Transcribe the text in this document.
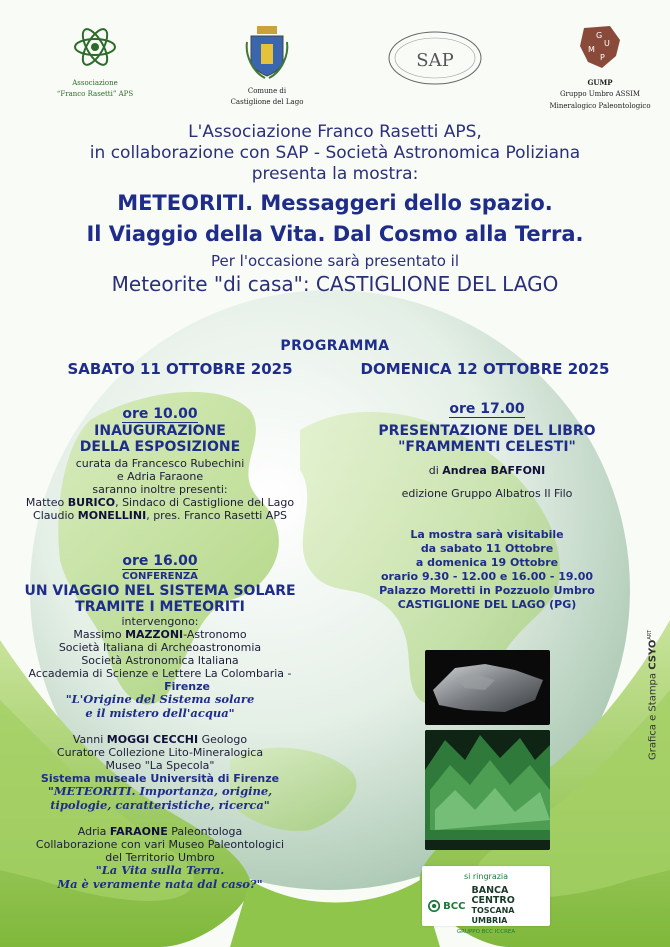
Associazione
“Franco Rasetti” APS	Comune di
Castiglione del Lago
SAP
G
U
M
P
GUMP
Gruppo Umbro ASSIM
Mineralogico Paleontologico
L'Associazione Franco Rasetti APS,
in collaborazione con SAP - Società Astronomica Poliziana
presenta la mostra:
METEORITI. Messaggeri dello spazio.
Il Viaggio della Vita. Dal Cosmo alla Terra.
Per l'occasione sarà presentato il
Meteorite "di casa": CASTIGLIONE DEL LAGO
PROGRAMMA
SABATO 11 OTTOBRE 2025	DOMENICA 12 OTTOBRE 2025
ore 10.00
INAUGURAZIONE
DELLA ESPOSIZIONE
curata da Francesco Rubechini
e Adria Faraone
saranno inoltre presenti:
Matteo BURICO, Sindaco di Castiglione del Lago
Claudio MONELLINI, pres. Franco Rasetti APS
ore 16.00
CONFERENZA
UN VIAGGIO NEL SISTEMA SOLARE
TRAMITE I METEORITI
intervengono:
Massimo MAZZONI-Astronomo
Società Italiana di Archeoastronomia
Società Astronomica Italiana
Accademia di Scienze e Lettere La Colombaria -
Firenze
"L'Origine del Sistema solare
e il mistero dell'acqua"
Vanni MOGGI CECCHI Geologo
Curatore Collezione Lito-Mineralogica
Museo "La Specola"
Sistema museale Università di Firenze
"METEORITI. Importanza, origine,
tipologie, caratteristiche, ricerca"
Adria FARAONE Paleontologa
Collaborazione con vari Museo Paleontologici
del Territorio Umbro
"La Vita sulla Terra.
Ma è veramente nata dal caso?"
ore 17.00
PRESENTAZIONE DEL LIBRO
"FRAMMENTI CELESTI"
di Andrea BAFFONI
edizione Gruppo Albatros Il Filo
La mostra sarà visitabile
da sabato 11 Ottobre
a domenica 19 Ottobre
orario 9.30 - 12.00 e 16.00 - 19.00
Palazzo Moretti in Pozzuolo Umbro
CASTIGLIONE DEL LAGO (PG)
Grafica e Stampa $CSYO^{ART}$
si ringrazia
BCC
BANCA CENTRO
TOSCANA UMBRIA
GRUPPO BCC ICCREA
